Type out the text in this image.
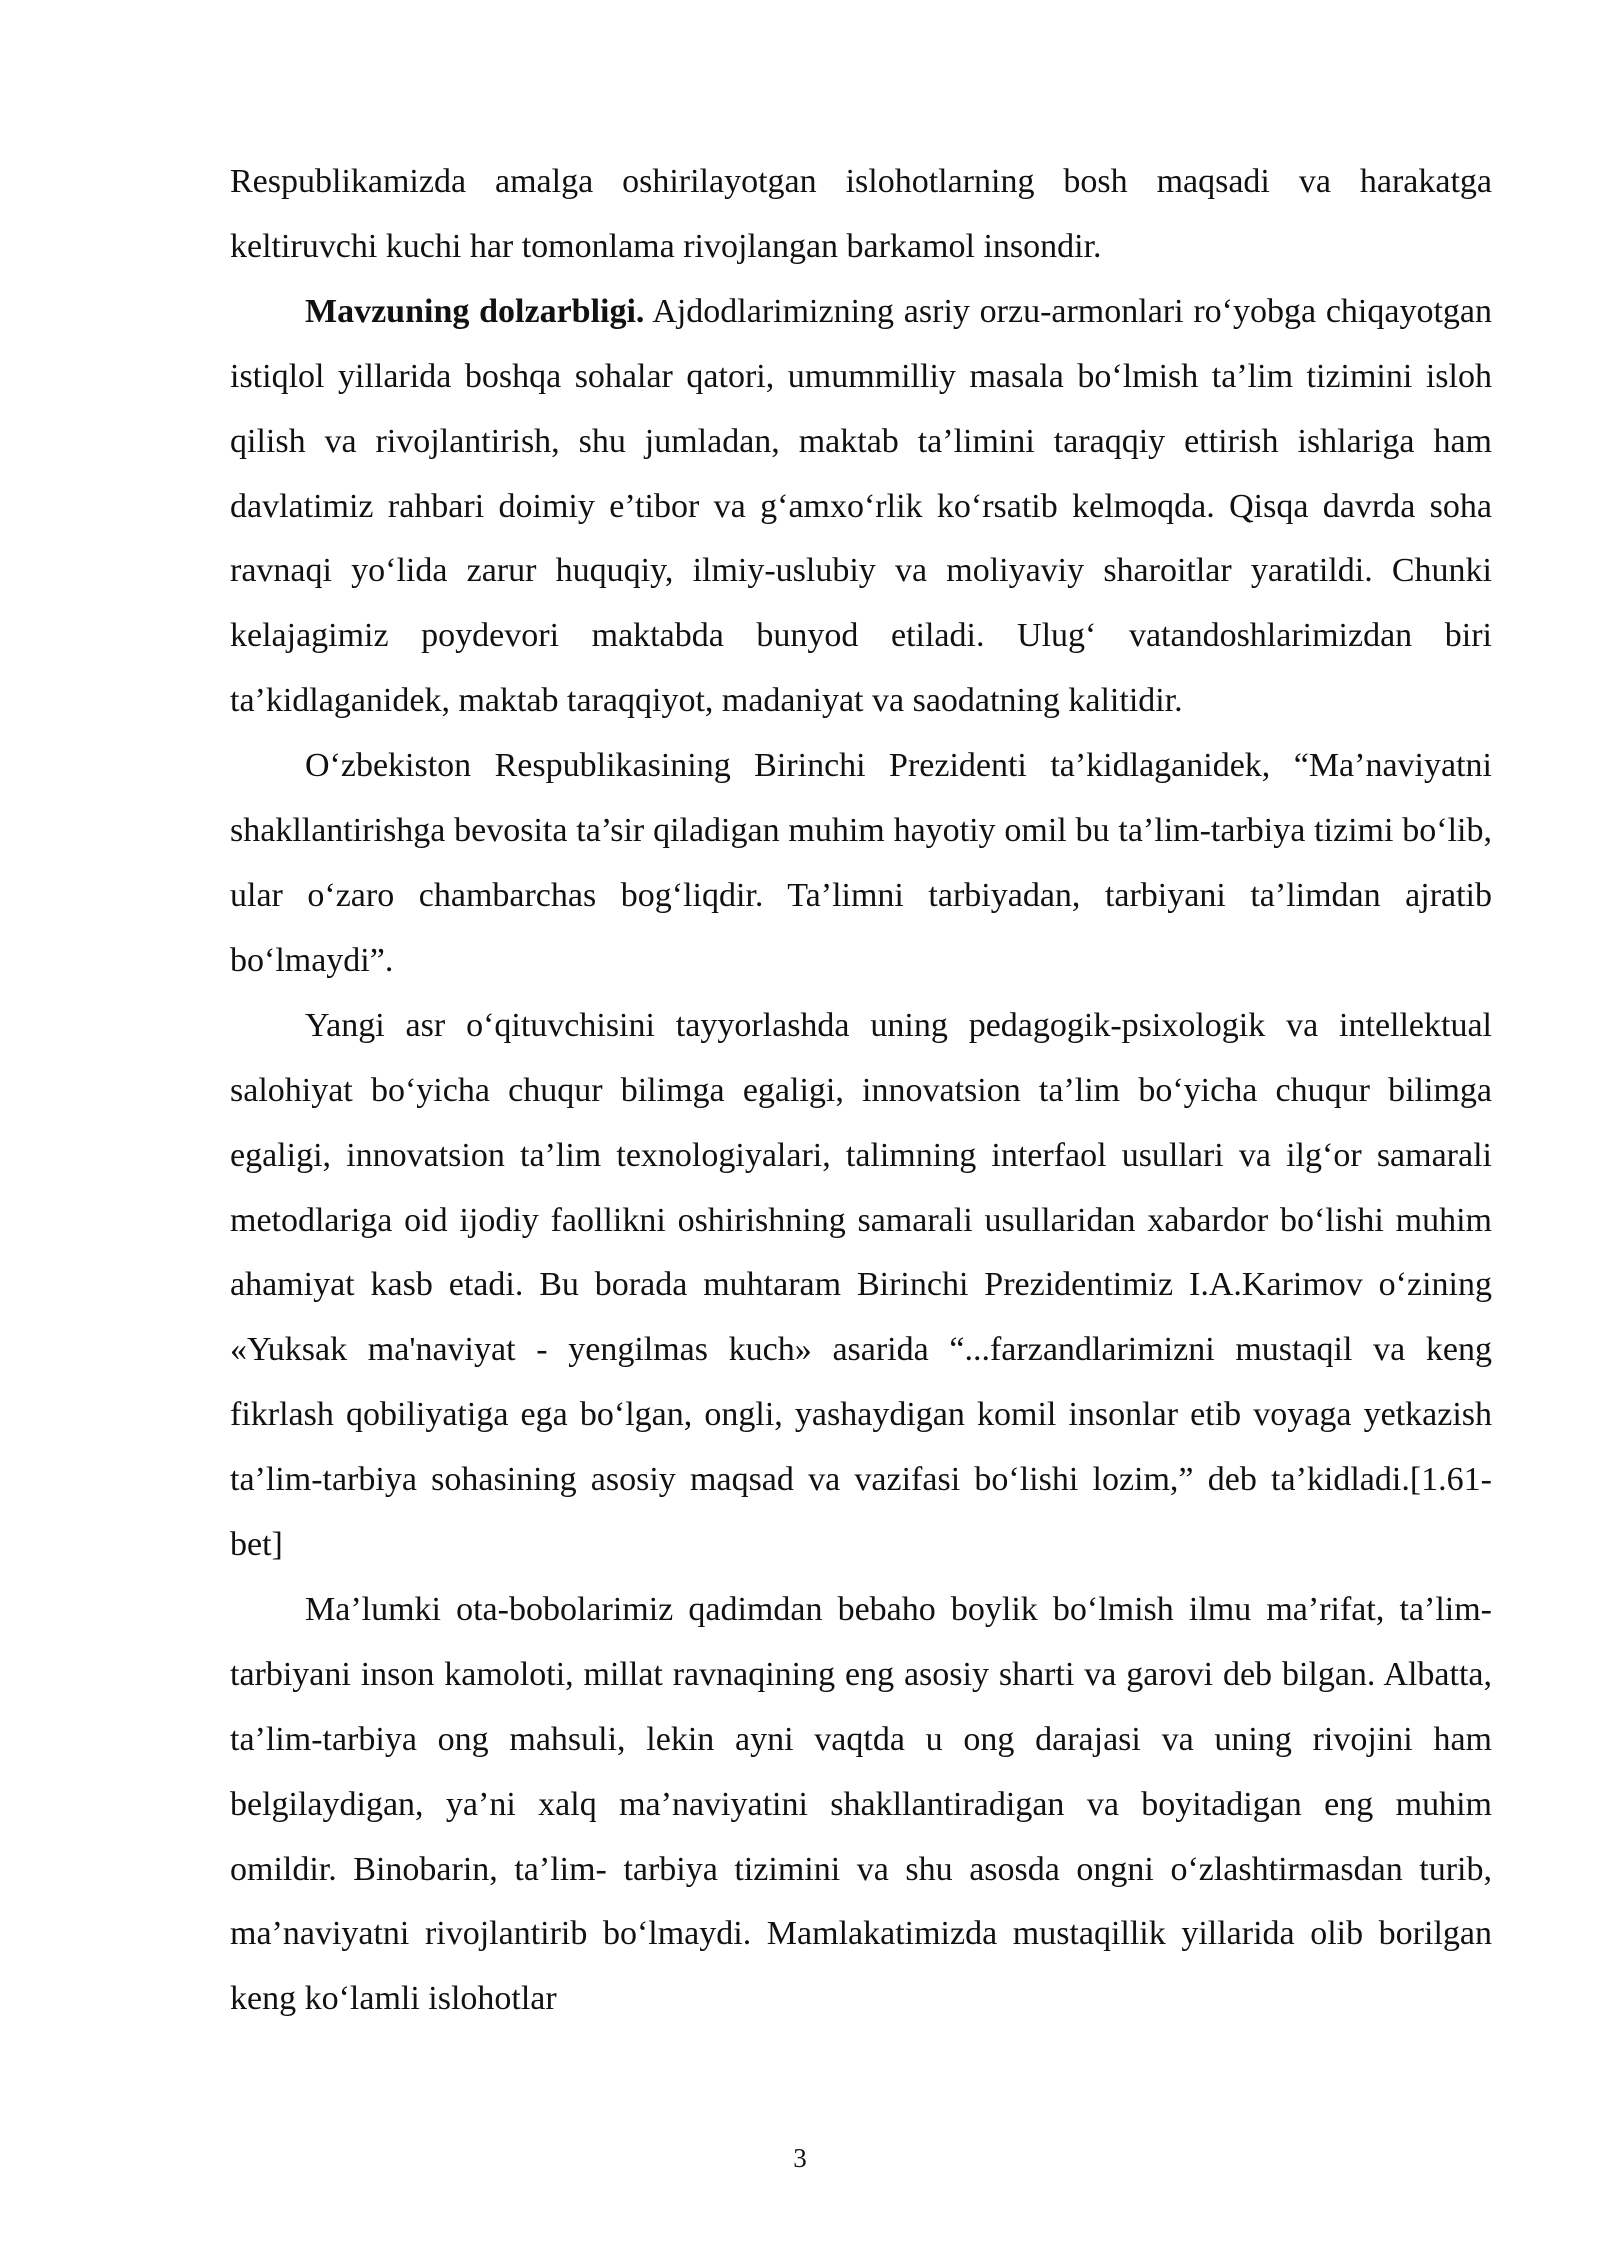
Respublikamizda amalga oshirilayotgan islohotlarning bosh maqsadi va harakatga keltiruvchi kuchi har tomonlama rivojlangan barkamol insondir.

Mavzuning dolzarbligi. Ajdodlarimizning asriy orzu-armonlari ro‘yobga chiqayotgan istiqlol yillarida boshqa sohalar qatori, umummilliy masala bo‘lmish ta’lim tizimini isloh qilish va rivojlantirish, shu jumladan, maktab ta’limini taraqqiy ettirish ishlariga ham davlatimiz rahbari doimiy e’tibor va g‘amxo‘rlik ko‘rsatib kelmoqda. Qisqa davrda soha ravnaqi yo‘lida zarur huquqiy, ilmiy-uslubiy va moliyaviy sharoitlar yaratildi. Chunki kelajagimiz poydevori maktabda bunyod etiladi. Ulug‘ vatandoshlarimizdan biri ta’kidlaganidek, maktab taraqqiyot, madaniyat va saodatning kalitidir.

O‘zbekiston Respublikasining Birinchi Prezidenti ta’kidlaganidek, “Ma’naviyatni shakllantirishga bevosita ta’sir qiladigan muhim hayotiy omil bu ta’lim-tarbiya tizimi bo‘lib, ular o‘zaro chambarchas bog‘liqdir. Ta’limni tarbiyadan, tarbiyani ta’limdan ajratib bo‘lmaydi”.

Yangi asr o‘qituvchisini tayyorlashda uning pedagogik-psixologik va intellektual salohiyat bo‘yicha chuqur bilimga egaligi, innovatsion ta’lim bo‘yicha chuqur bilimga egaligi, innovatsion ta’lim texnologiyalari, talimning interfaol usullari va ilg‘or samarali metodlariga oid ijodiy faollikni oshirishning samarali usullaridan xabardor bo‘lishi muhim ahamiyat kasb etadi. Bu borada muhtaram Birinchi Prezidentimiz I.A.Karimov o‘zining «Yuksak ma'naviyat - yengilmas kuch» asarida “...farzandlarimizni mustaqil va keng fikrlash qobiliyatiga ega bo‘lgan, ongli, yashaydigan komil insonlar etib voyaga yetkazish ta’lim-tarbiya sohasining asosiy maqsad va vazifasi bo‘lishi lozim,” deb ta’kidladi.[1.61-bet]

Ma’lumki ota-bobolarimiz qadimdan bebaho boylik bo‘lmish ilmu ma’rifat, ta’lim-tarbiyani inson kamoloti, millat ravnaqining eng asosiy sharti va garovi deb bilgan. Albatta, ta’lim-tarbiya ong mahsuli, lekin ayni vaqtda u ong darajasi va uning rivojini ham belgilaydigan, ya’ni xalq ma’naviyatini shakllantiradigan va boyitadigan eng muhim omildir. Binobarin, ta’lim- tarbiya tizimini va shu asosda ongni o‘zlashtirmasdan turib, ma’naviyatni rivojlantirib bo‘lmaydi. Mamlakatimizda mustaqillik yillarida olib borilgan keng ko‘lamli islohotlar

3
